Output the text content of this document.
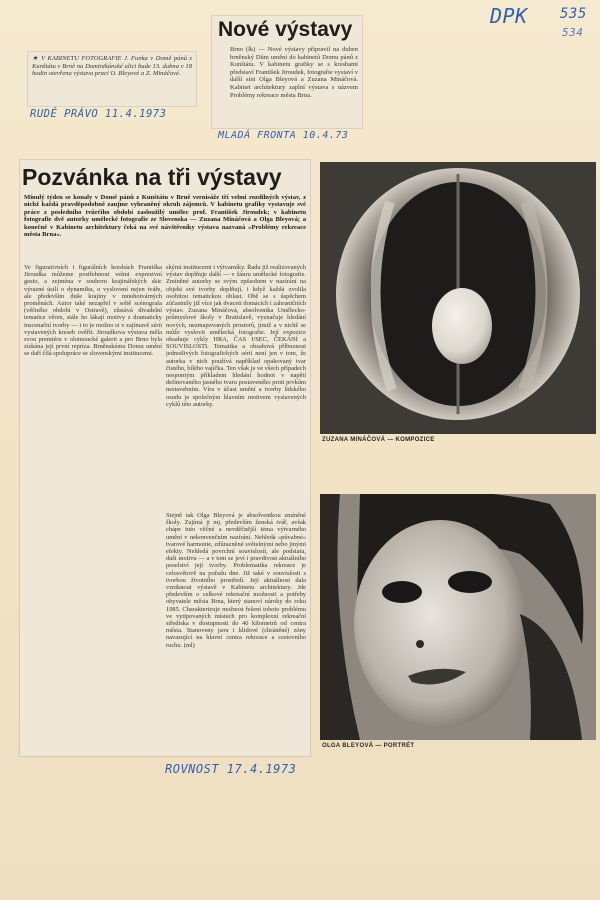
DPK 535
534
★ V KABINETU FOTOGRAFIE J. Funka v Domě pánů z Kunštátu v Brně na Dominikánské ulici bude 13. dubna v 18 hodin otevřena výstava prací O. Bleyové a Z. Mináčové.
RUDÉ PRÁVO 11.4.1973
Nové výstavy
Brno (lk) — Nové výstavy připravil na duben brněnský Dům umění do kabinetů Domu pánů z Kunštátu. V kabinetu grafiky se s kresbami představí František Jiroudek, fotografie vystaví v další síni Olga Bleyová a Zuzana Mináčová. Kabinet architektury zaplní výstava s názvem Problémy rekreace města Brna.
MLADÁ FRONTA 10.4.73
Pozvánka na tři výstavy
Minulý týden se konaly v Domě pánů z Kunštátu v Brně vernisáže tří velmi rozdílných výstav, z nichž každá pravděpodobně zaujme vyhraněný okruh zájemců. V kabinetu grafiky vystavuje své práce z posledního tvůrčího období zasloužilý umělec prof. František Jiroudek; v kabinetu fotografie dvě autorky umělecké fotografie ze Slovenska — Zuzana Mináčová a Olga Bleyová; a konečně v Kabinetu architektury čeká na své návštěvníky výstava nazvaná »Problémy rekreace města Brna«.
Ve figurativních i figurálních kresbách Františka Jiroudka můžeme postřehnout velmi expresivní gesto, a zejména v souboru krajinářských skic výrazné úsilí o dynamiku, o vyslovení nejen tváře, ale především duše krajiny v mnohotvárných proměnách. Autor také nezapřel v sobě scénografa (věčného období v Ostravě), zůstává divadelní tematice věren, stále ho lákají motivy z dramaticky inscenační tvorby — i to je možno si v zajímavě sérii vystavených kreseb ověřit. Jiroudkova výstava měla svou premiéru v olomoucké galerii a pro Brno byla získána její první repríza. Brněnskému Domu umění se daří čilá spolupráce se slovenskými institucemi.
skými institucemi i výtvarníky. Řadu již realizovaných výstav doplňuje další — v žánru umělecké fotografie. Zmíněné autorky se svým způsobem v nazírání na objekt své tvorby doplňují, i když každá zvolila osobitou tematickou oblast. Obě se s úspěchem zúčastnily již více jak dvaceti domácích i zahraničních výstav. Zuzana Mináčová, absolventka Umělecko-průmyslové školy v Bratislavě, vyznačuje hledání nových, nezmapovaných prostorů, jimiž a v nichž se může vyslovit umělecká fotografie. Její expozice obsahuje cykly HRA, ČAS I/SEC, ČEKÁNÍ a SOUVISLOSTI. Tematika a obsahová příbuznost jednotlivých fotografických sérií není jen v tom, že autorka v nich používá například opakovaný tvar čistého, bílého vajíčka. Ten však je ve všech případech nesporným příkladem hledání hodnot v napětí definovaného jasného tvaru postaveného proti prvkům nestavebním. Víra v účast umění a tvorby lidského osudu je společným hlavním motivem vystavených cyklů této autorky.
Stejně tak Olga Bleyová je absolventkou zmíněné školy. Zajímá ji mj. především ženská tvář, avšak chápe tuto věčné a nevděčnější téma výtvarného umění v nekonvenčním nazírání. Nehledá »půvabné« tvarové harmonie, zdůrazněné světelnými nebo jinými efekty. Nehledá povrchní souvislosti, ale podstatu, duši motivu — a v tom se jeví i pravdivost aktuálního poselství její tvorby. Problematika rekreace je celosvětově na pořadu dne. Již také v souvislosti s tvorbou životního prostředí. Její aktuálnost dala vzniknout výstavě v Kabinetu architektury. Jde především o celkové rekreační možnosti a potřeby obyvatele města Brna, který stanoví nároky do roku 1985. Charakterizuje možnost řešení tohoto problému ve vytipovaných místech pro komplexní rekreační střediska v dostupnosti do 40 kilometrů od centra města. Stanoveny jsou i klidové (chráněné) zóny navazující na hlavní centra rekreace a cestovního ruchu. (ml)
ROVNOST 17.4.1973
ZUZANA MINÁČOVÁ — KOMPOZICE
OLGA BLEYOVÁ — PORTRÉT
